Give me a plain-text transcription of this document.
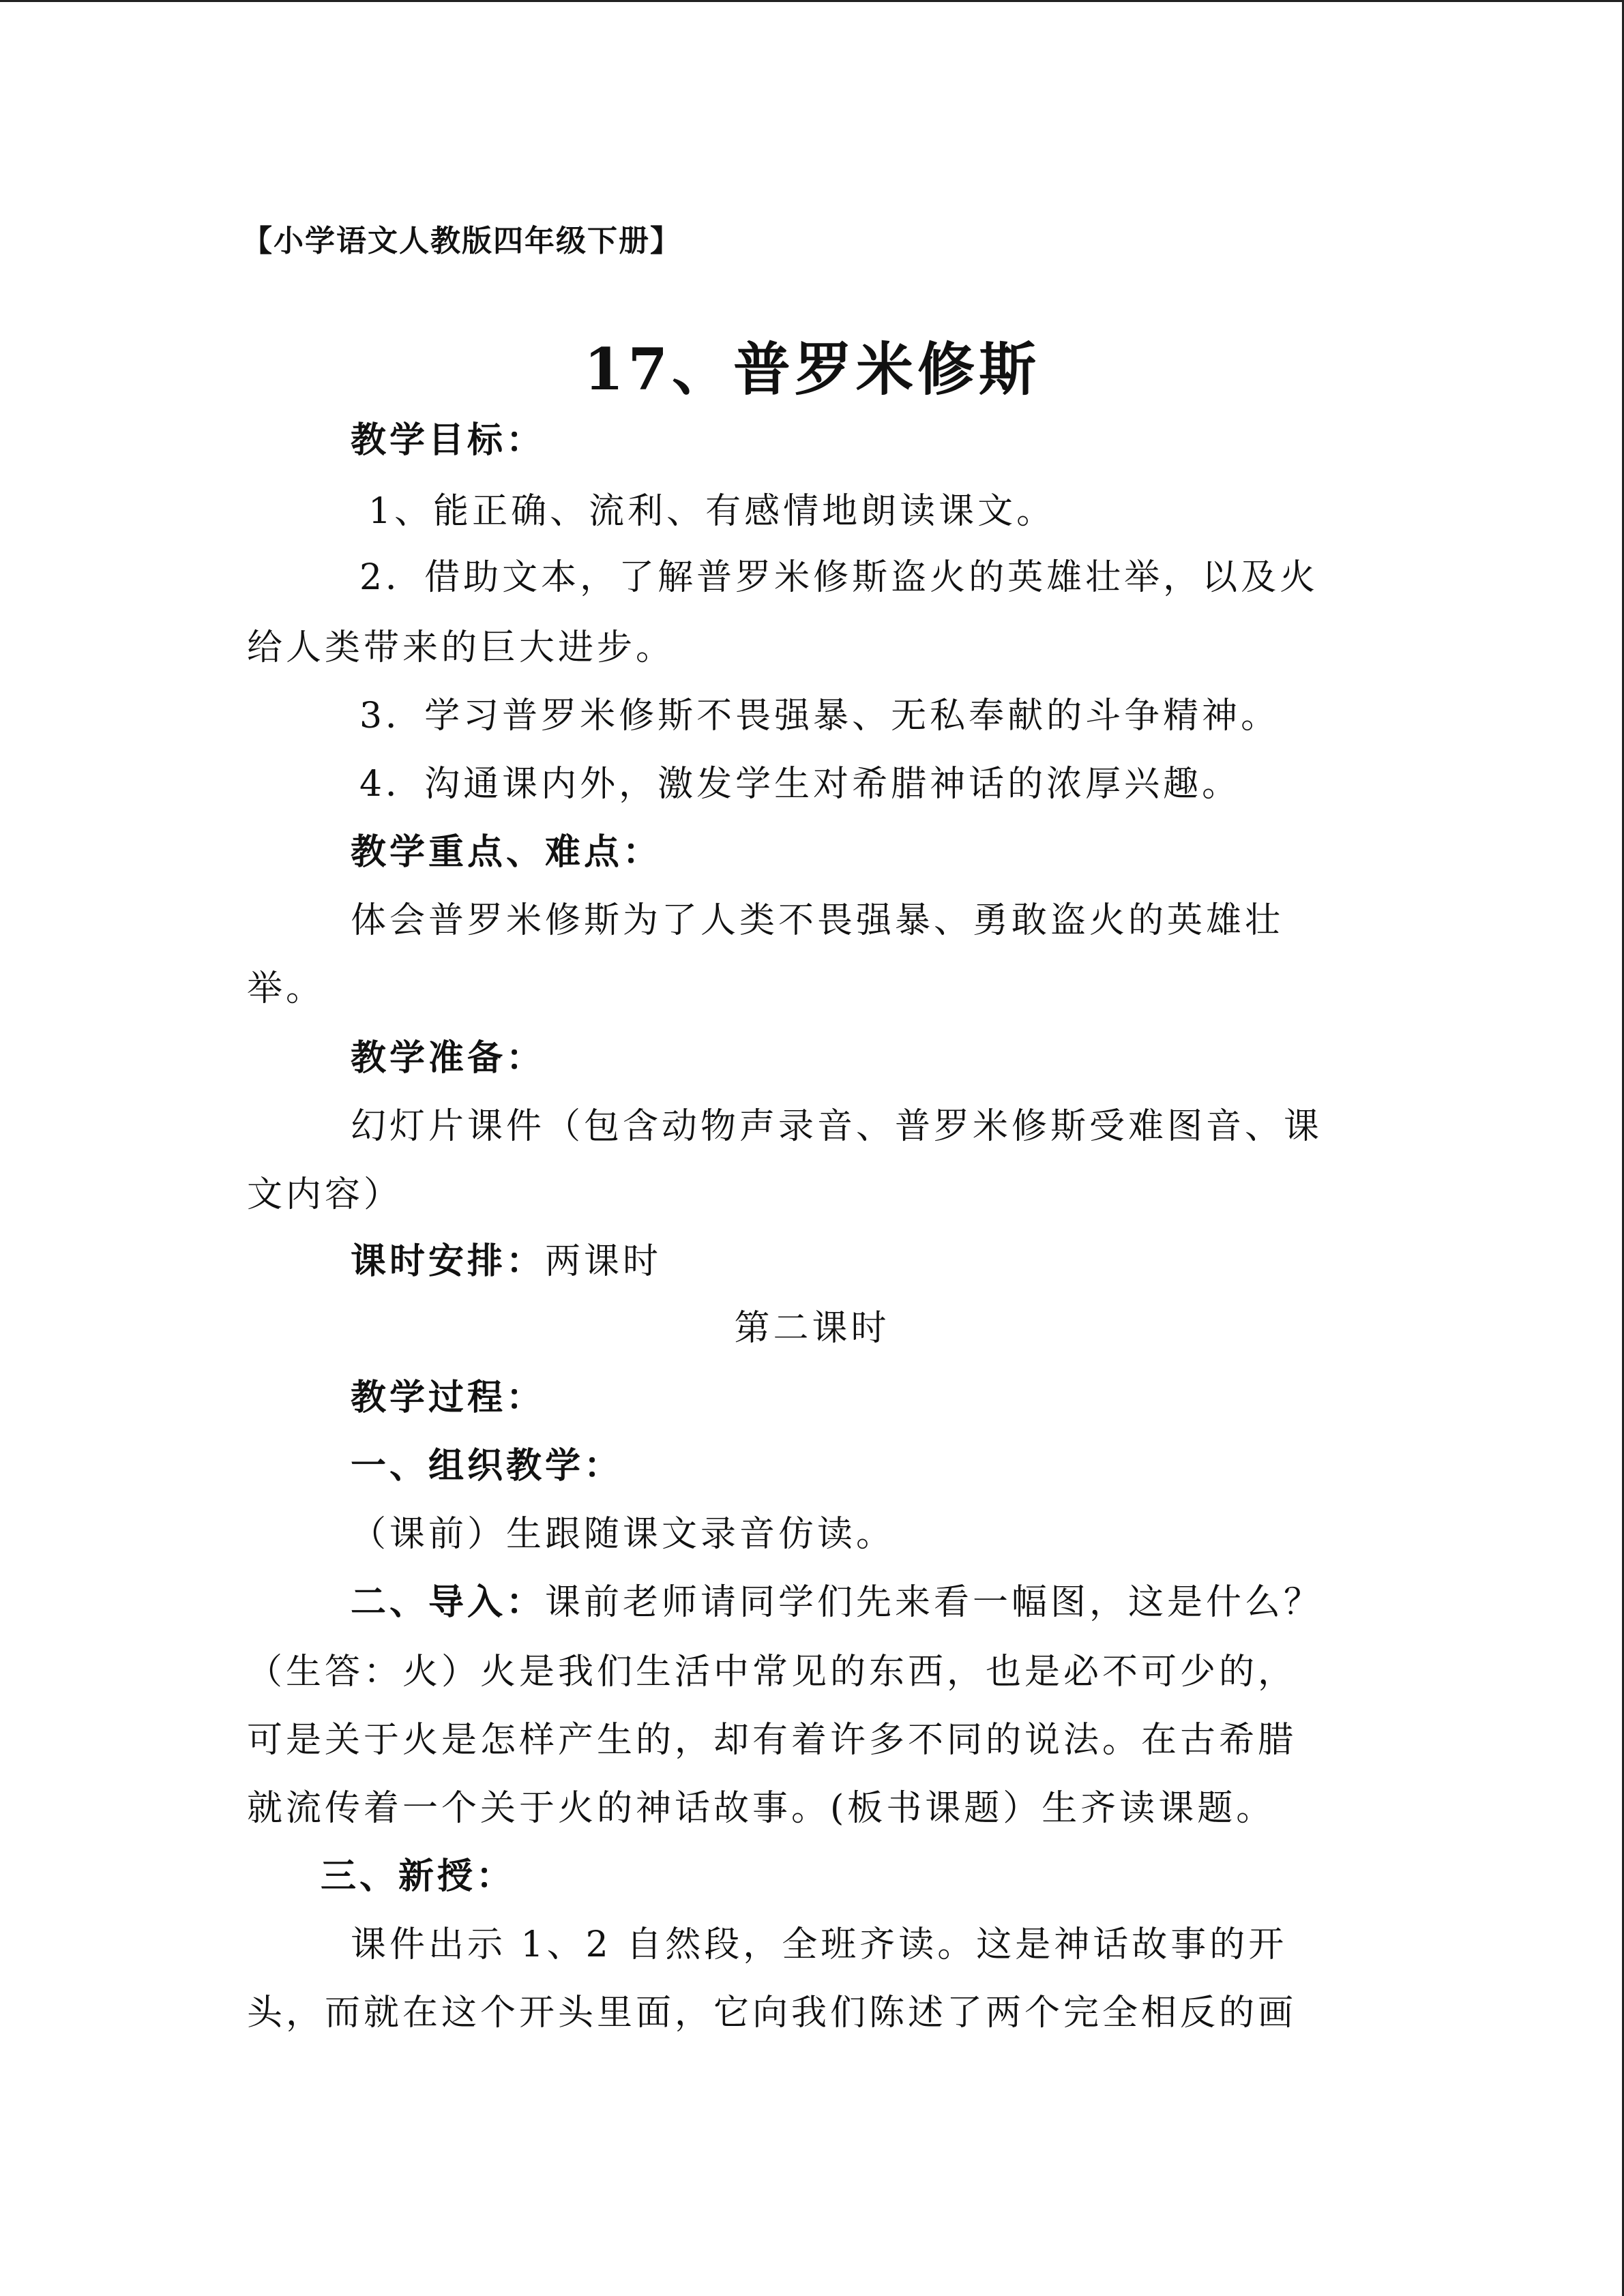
【小学语文人教版四年级下册】
17、普罗米修斯
教学目标：
1、能正确、流利、有感情地朗读课文。
2．借助文本，了解普罗米修斯盗火的英雄壮举，以及火
给人类带来的巨大进步。
3．学习普罗米修斯不畏强暴、无私奉献的斗争精神。
4．沟通课内外，激发学生对希腊神话的浓厚兴趣。
教学重点、难点：
体会普罗米修斯为了人类不畏强暴、勇敢盗火的英雄壮
举。
教学准备：
幻灯片课件（包含动物声录音、普罗米修斯受难图音、课
文内容）
课时安排：两课时
第二课时
教学过程：
一、组织教学：
（课前）生跟随课文录音仿读。
二、导入：课前老师请同学们先来看一幅图，这是什么？
（生答：火）火是我们生活中常见的东西，也是必不可少的，
可是关于火是怎样产生的，却有着许多不同的说法。在古希腊
就流传着一个关于火的神话故事。(板书课题）生齐读课题。
三、新授：
课件出示 1、2 自然段，全班齐读。这是神话故事的开
头，而就在这个开头里面，它向我们陈述了两个完全相反的画
